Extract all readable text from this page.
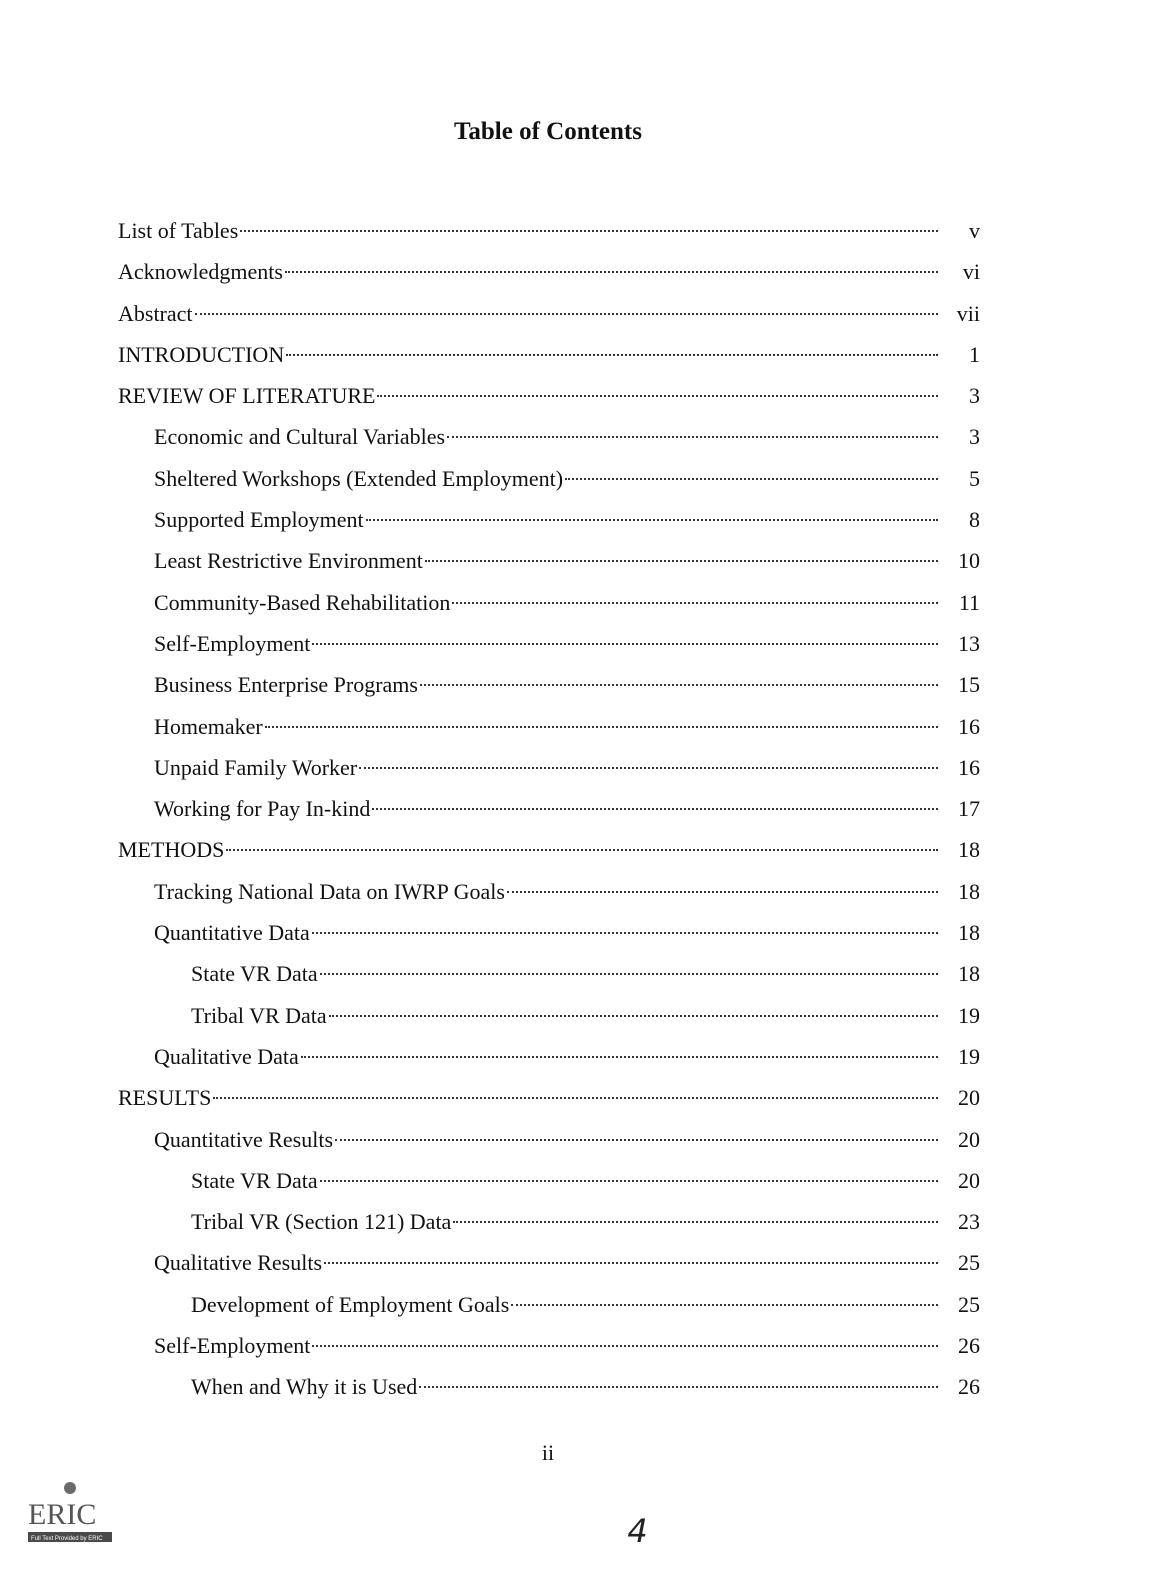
Table of Contents
List of Tables	v
Acknowledgments	vi
Abstract	vii
INTRODUCTION	1
REVIEW OF LITERATURE	3
Economic and Cultural Variables	3
Sheltered Workshops (Extended Employment)	5
Supported Employment	8
Least Restrictive Environment	10
Community-Based Rehabilitation	11
Self-Employment	13
Business Enterprise Programs	15
Homemaker	16
Unpaid Family Worker	16
Working for Pay In-kind	17
METHODS	18
Tracking National Data on IWRP Goals	18
Quantitative Data	18
State VR Data	18
Tribal VR Data	19
Qualitative Data	19
RESULTS	20
Quantitative Results	20
State VR Data	20
Tribal VR (Section 121) Data	23
Qualitative Results	25
Development of Employment Goals	25
Self-Employment	26
When and Why it is Used	26
ii
4
ERIC
Full Text Provided by ERIC
